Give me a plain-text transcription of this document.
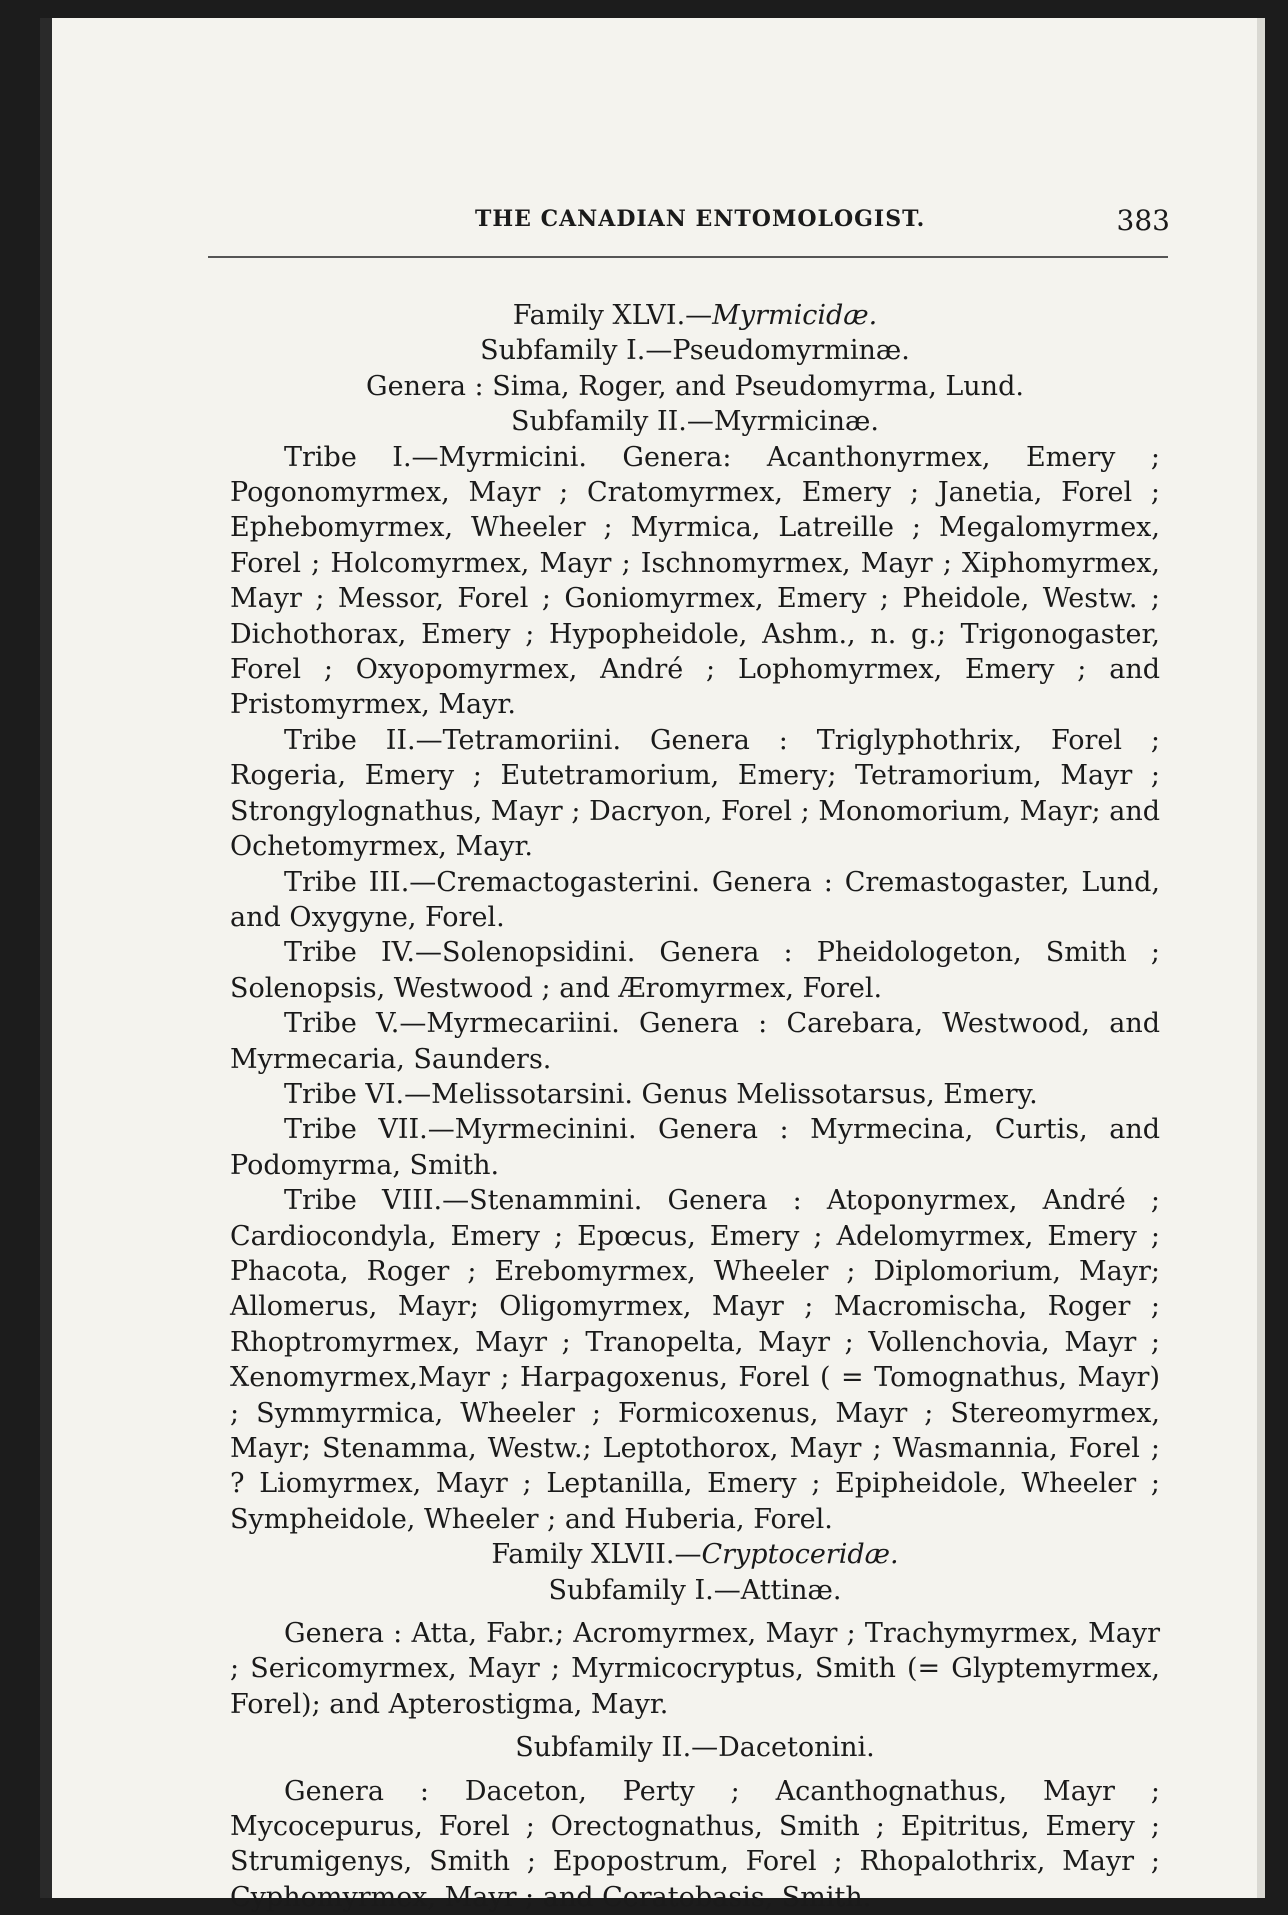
THE CANADIAN ENTOMOLOGIST.	383
Family XLVI.—Myrmicidæ.
Subfamily I.—Pseudomyrminæ.
Genera : Sima, Roger, and Pseudomyrma, Lund.
Subfamily II.—Myrmicinæ.

Tribe I.—Myrmicini. Genera: Acanthonyrmex, Emery ; Pogonomyrmex, Mayr ; Cratomyrmex, Emery ; Janetia, Forel ; Ephebomyrmex, Wheeler ; Myrmica, Latreille ; Megalomyrmex, Forel ; Holcomyrmex, Mayr ; Ischnomyrmex, Mayr ; Xiphomyrmex, Mayr ; Messor, Forel ; Goniomyrmex, Emery ; Pheidole, Westw. ; Dichothorax, Emery ; Hypopheidole, Ashm., n. g.; Trigonogaster, Forel ; Oxyopomyrmex, André ; Lophomyrmex, Emery ; and Pristomyrmex, Mayr.

Tribe II.—Tetramoriini. Genera : Triglyphothrix, Forel ; Rogeria, Emery ; Eutetramorium, Emery; Tetramorium, Mayr ; Strongylognathus, Mayr ; Dacryon, Forel ; Monomorium, Mayr; and Ochetomyrmex, Mayr.

Tribe III.—Cremactogasterini. Genera : Cremastogaster, Lund, and Oxygyne, Forel.

Tribe IV.—Solenopsidini. Genera : Pheidologeton, Smith ; Solenopsis, Westwood ; and Æromyrmex, Forel.

Tribe V.—Myrmecariini. Genera : Carebara, Westwood, and Myrmecaria, Saunders.

Tribe VI.—Melissotarsini. Genus Melissotarsus, Emery.

Tribe VII.—Myrmecinini. Genera : Myrmecina, Curtis, and Podomyrma, Smith.

Tribe VIII.—Stenammini. Genera : Atoponyrmex, André ; Cardiocondyla, Emery ; Epœcus, Emery ; Adelomyrmex, Emery ; Phacota, Roger ; Erebomyrmex, Wheeler ; Diplomorium, Mayr; Allomerus, Mayr; Oligomyrmex, Mayr ; Macromischa, Roger ; Rhoptromyrmex, Mayr ; Tranopelta, Mayr ; Vollenchovia, Mayr ; Xenomyrmex,Mayr ; Harpagoxenus, Forel ( = Tomognathus, Mayr) ; Symmyrmica, Wheeler ; Formicoxenus, Mayr ; Stereomyrmex, Mayr; Stenamma, Westw.; Leptothorox, Mayr ; Wasmannia, Forel ; ? Liomyrmex, Mayr ; Leptanilla, Emery ; Epipheidole, Wheeler ; Sympheidole, Wheeler ; and Huberia, Forel.

Family XLVII.—Cryptoceridæ.
Subfamily I.—Attinæ.

Genera : Atta, Fabr.; Acromyrmex, Mayr ; Trachymyrmex, Mayr ; Sericomyrmex, Mayr ; Myrmicocryptus, Smith (= Glyptemyrmex, Forel); and Apterostigma, Mayr.

Subfamily II.—Dacetonini.

Genera : Daceton, Perty ; Acanthognathus, Mayr ; Mycocepurus, Forel ; Orectognathus, Smith ; Epitritus, Emery ; Strumigenys, Smith ; Epopostrum, Forel ; Rhopalothrix, Mayr ; Cyphomyrmex, Mayr ; and Ceratobasis, Smith.
